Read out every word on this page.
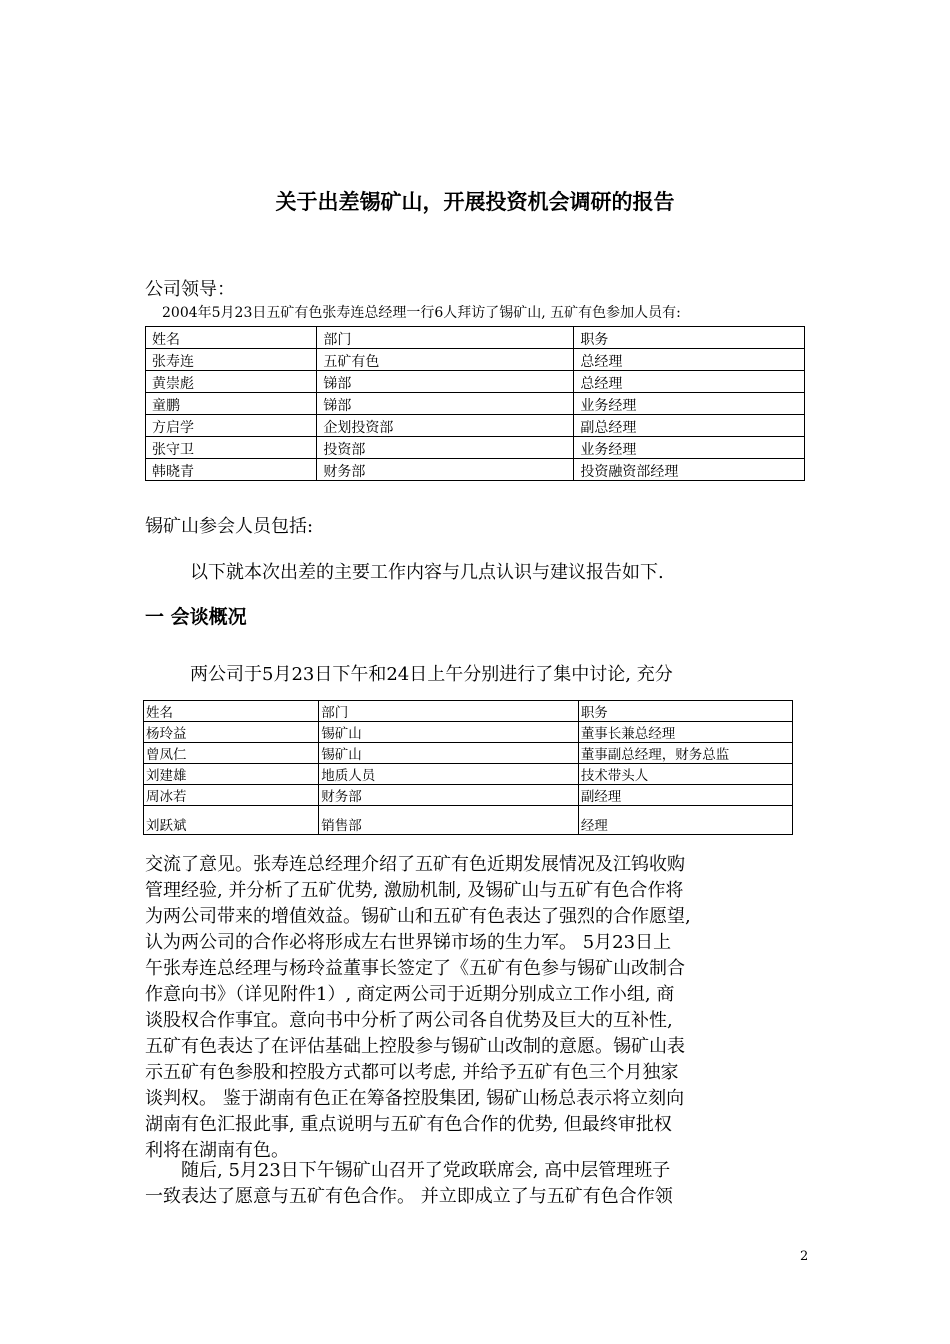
关于出差锡矿山，开展投资机会调研的报告
公司领导：
2004年5月23日五矿有色张寿连总经理一行6人拜访了锡矿山, 五矿有色参加人员有:
姓名	部门	职务
张寿连	五矿有色	总经理
黄崇彪	锑部	总经理
童鹏	锑部	业务经理
方启学	企划投资部	副总经理
张守卫	投资部	业务经理
韩晓青	财务部	投资融资部经理
锡矿山参会人员包括:
以下就本次出差的主要工作内容与几点认识与建议报告如下.
一 会谈概况
两公司于5月23日下午和24日上午分别进行了集中讨论, 充分
姓名	部门	职务
杨玲益	锡矿山	董事长兼总经理
曾凤仁	锡矿山	董事副总经理，财务总监
刘建雄	地质人员	技术带头人
周冰若	财务部	副经理
刘跃斌	销售部	经理
交流了意见。张寿连总经理介绍了五矿有色近期发展情况及江钨收购
管理经验, 并分析了五矿优势, 激励机制, 及锡矿山与五矿有色合作将
为两公司带来的增值效益。锡矿山和五矿有色表达了强烈的合作愿望,
认为两公司的合作必将形成左右世界锑市场的生力军。 5月23日上
午张寿连总经理与杨玲益董事长签定了《五矿有色参与锡矿山改制合
作意向书》（详见附件1）, 商定两公司于近期分别成立工作小组, 商
谈股权合作事宜。意向书中分析了两公司各自优势及巨大的互补性,
五矿有色表达了在评估基础上控股参与锡矿山改制的意愿。锡矿山表
示五矿有色参股和控股方式都可以考虑, 并给予五矿有色三个月独家
谈判权。 鉴于湖南有色正在筹备控股集团, 锡矿山杨总表示将立刻向
湖南有色汇报此事, 重点说明与五矿有色合作的优势, 但最终审批权
利将在湖南有色。
　　随后, 5月23日下午锡矿山召开了党政联席会, 高中层管理班子
一致表达了愿意与五矿有色合作。 并立即成立了与五矿有色合作领
2
